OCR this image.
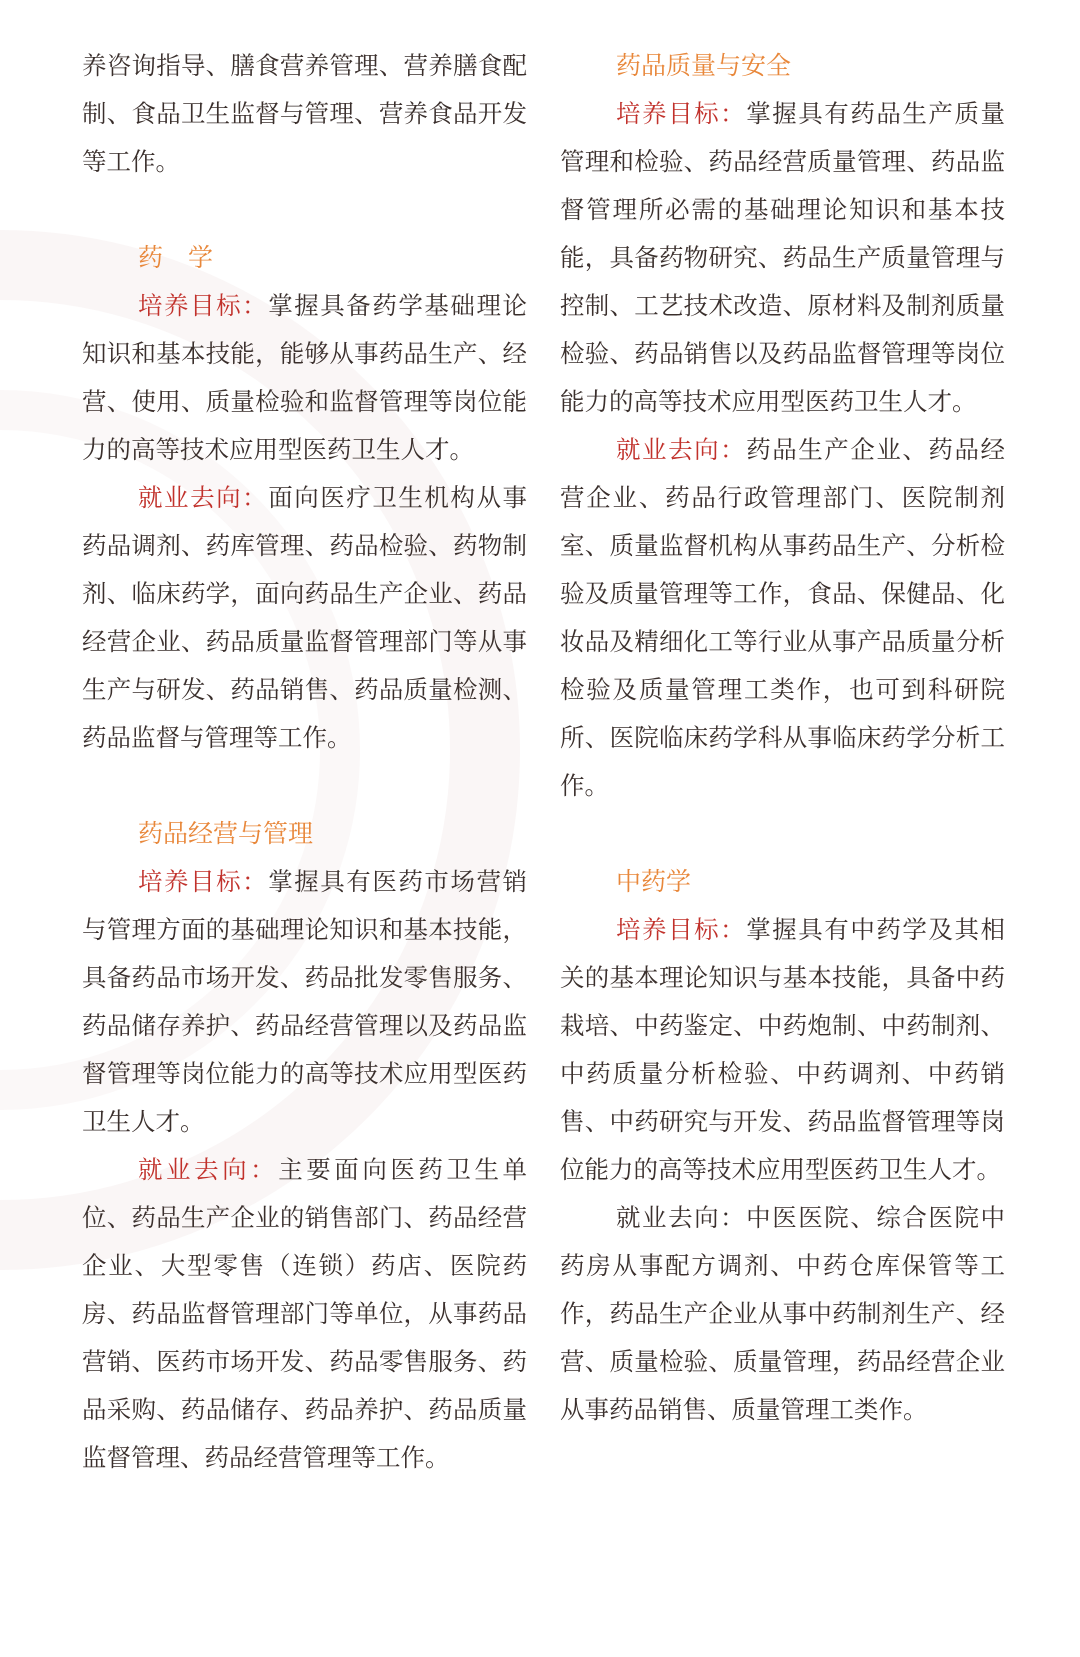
养咨询指导、膳食营养管理、营养膳食配制、食品卫生监督与管理、营养食品开发等工作。

药　学

培养目标：掌握具备药学基础理论知识和基本技能，能够从事药品生产、经营、使用、质量检验和监督管理等岗位能力的高等技术应用型医药卫生人才。

就业去向：面向医疗卫生机构从事药品调剂、药库管理、药品检验、药物制剂、临床药学，面向药品生产企业、药品经营企业、药品质量监督管理部门等从事生产与研发、药品销售、药品质量检测、药品监督与管理等工作。

药品经营与管理

培养目标：掌握具有医药市场营销与管理方面的基础理论知识和基本技能，具备药品市场开发、药品批发零售服务、药品储存养护、药品经营管理以及药品监督管理等岗位能力的高等技术应用型医药卫生人才。

就业去向：主要面向医药卫生单位、药品生产企业的销售部门、药品经营企业、大型零售（连锁）药店、医院药房、药品监督管理部门等单位，从事药品营销、医药市场开发、药品零售服务、药品采购、药品储存、药品养护、药品质量监督管理、药品经营管理等工作。

药品质量与安全

培养目标：掌握具有药品生产质量管理和检验、药品经营质量管理、药品监督管理所必需的基础理论知识和基本技能，具备药物研究、药品生产质量管理与控制、工艺技术改造、原材料及制剂质量检验、药品销售以及药品监督管理等岗位能力的高等技术应用型医药卫生人才。

就业去向：药品生产企业、药品经营企业、药品行政管理部门、医院制剂室、质量监督机构从事药品生产、分析检验及质量管理等工作，食品、保健品、化妆品及精细化工等行业从事产品质量分析检验及质量管理工类作，也可到科研院所、医院临床药学科从事临床药学分析工作。

中药学

培养目标：掌握具有中药学及其相关的基本理论知识与基本技能，具备中药栽培、中药鉴定、中药炮制、中药制剂、中药质量分析检验、中药调剂、中药销售、中药研究与开发、药品监督管理等岗位能力的高等技术应用型医药卫生人才。

就业去向：中医医院、综合医院中药房从事配方调剂、中药仓库保管等工作，药品生产企业从事中药制剂生产、经营、质量检验、质量管理，药品经营企业从事药品销售、质量管理工类作。
